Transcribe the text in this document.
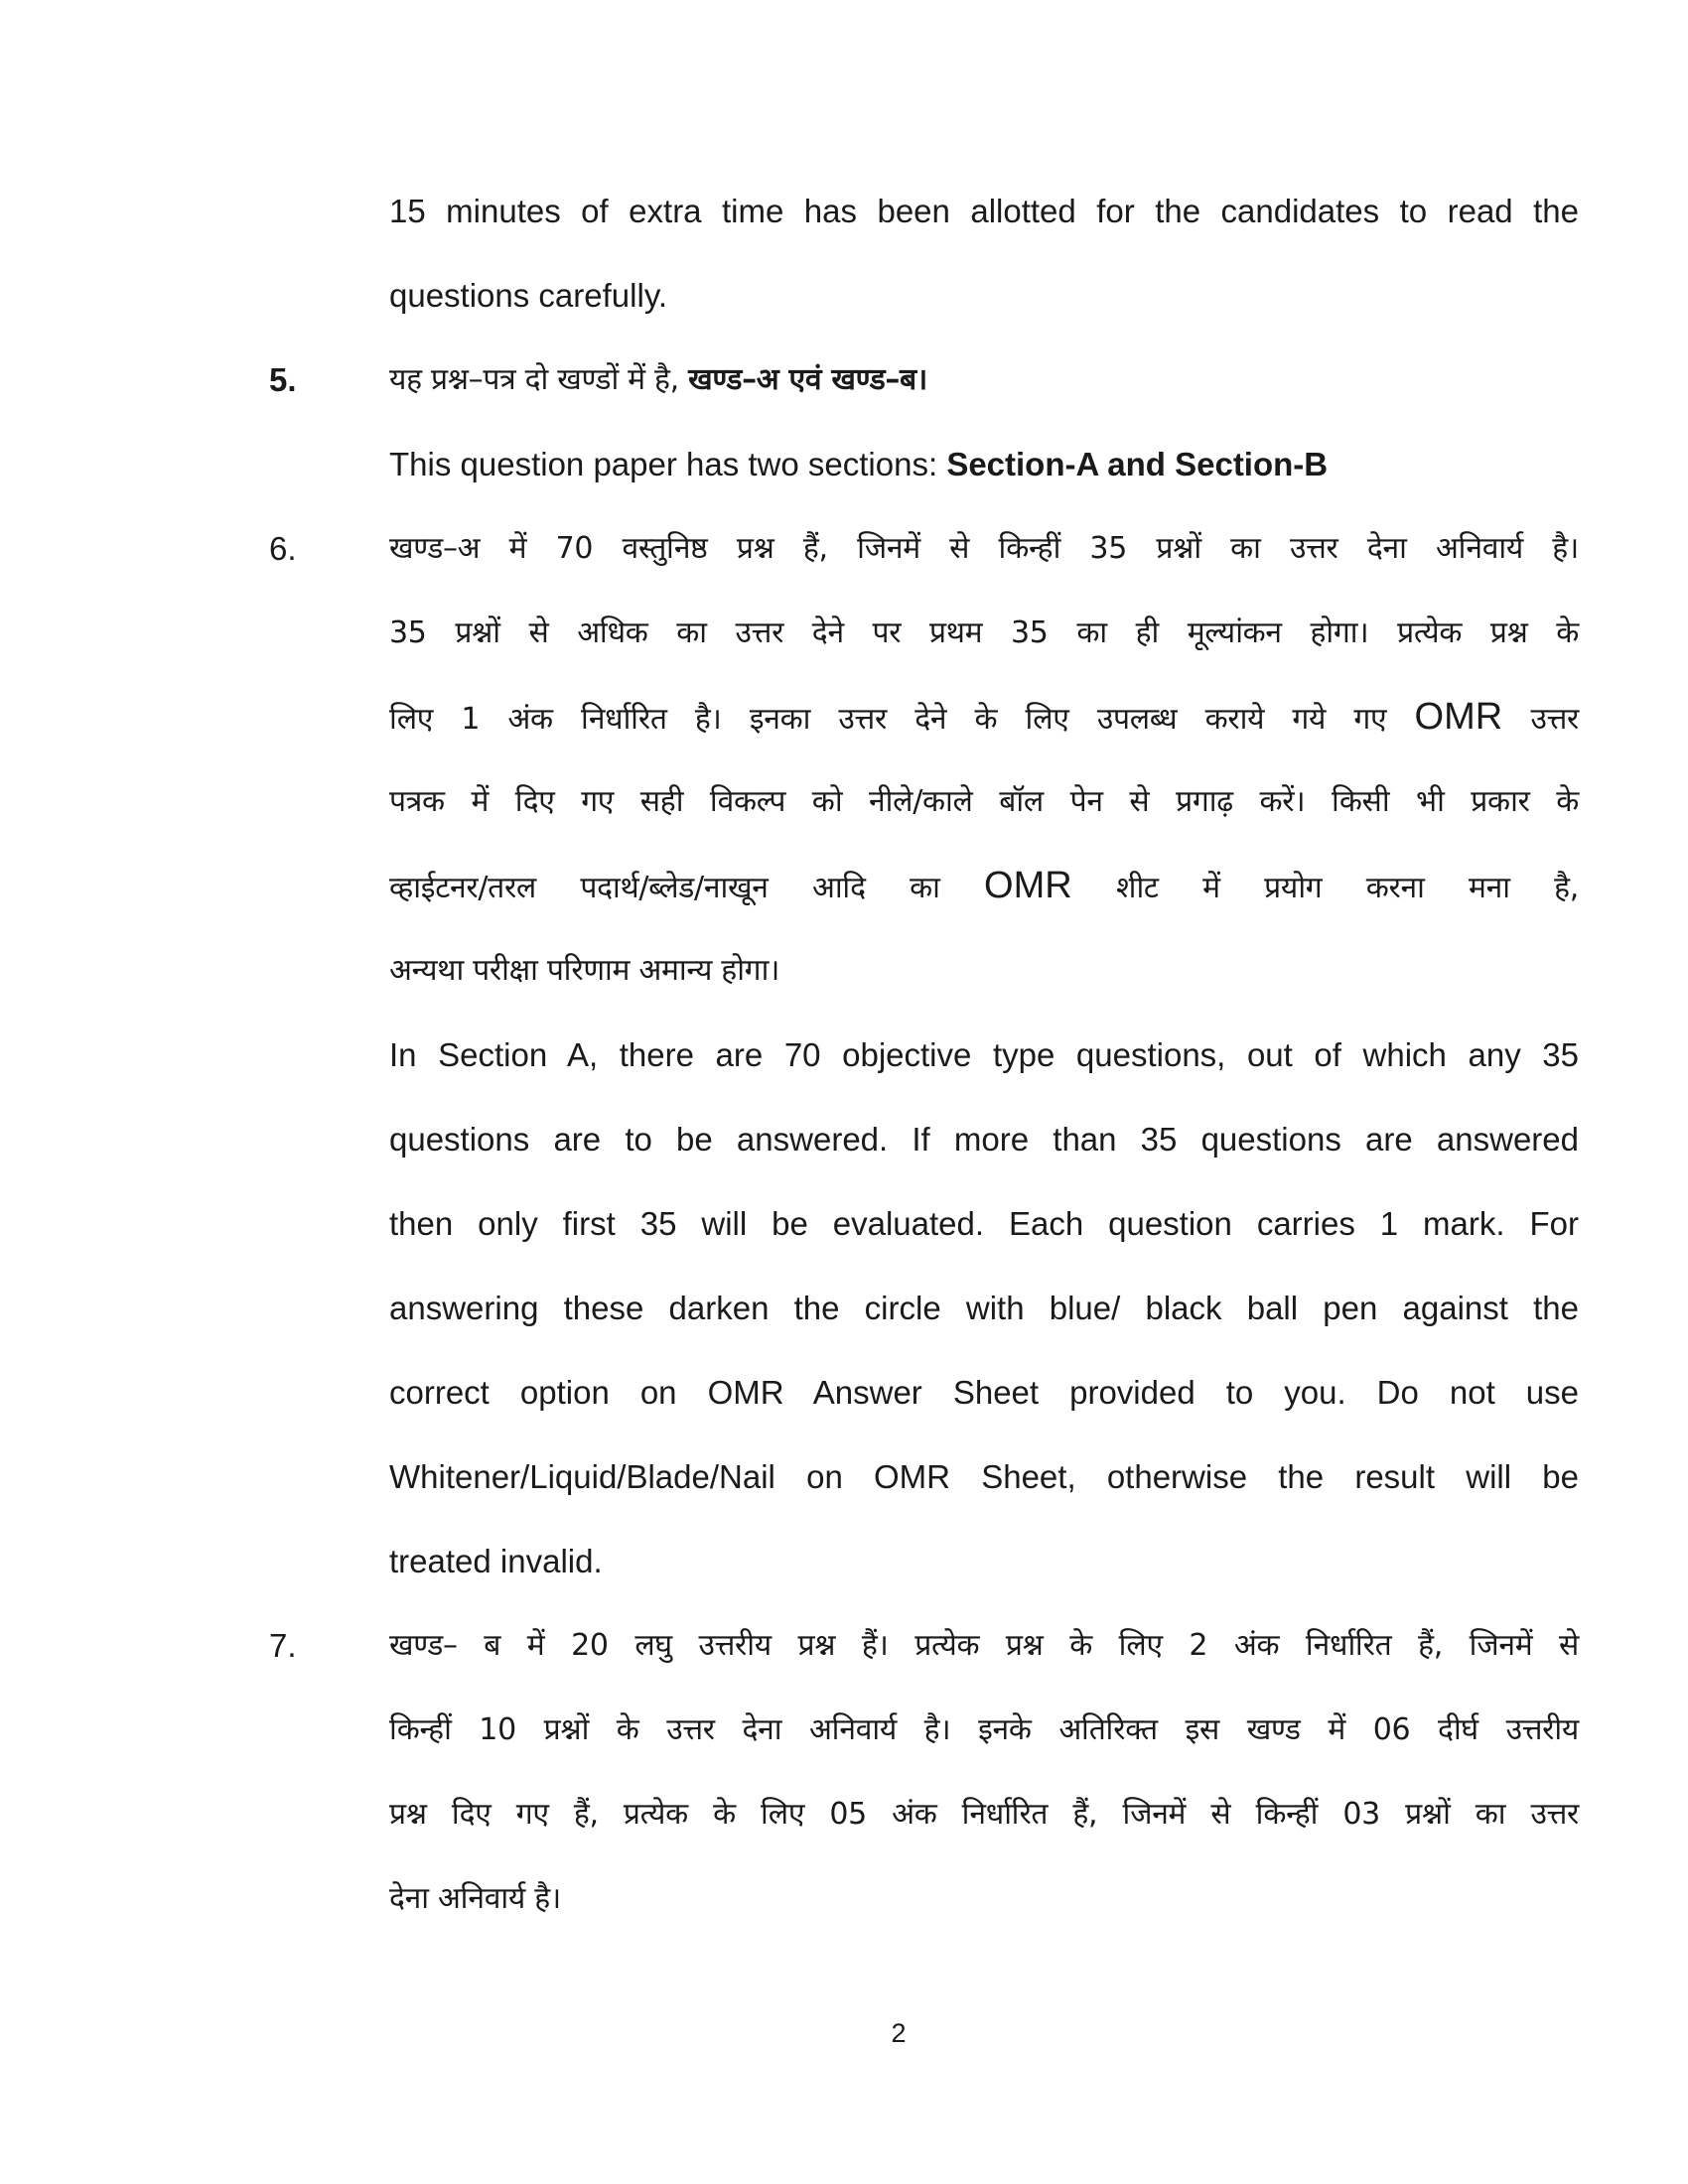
15 minutes of extra time has been allotted for the candidates to read the
questions carefully.
5.	यह प्रश्न–पत्र दो खण्डों में है, खण्ड–अ एवं खण्ड–ब।
This question paper has two sections: Section-A and Section-B
6.	खण्ड–अ में 70 वस्तुनिष्ठ प्रश्न हैं, जिनमें से किन्हीं 35 प्रश्नों का उत्तर देना अनिवार्य है।
35 प्रश्नों से अधिक का उत्तर देने पर प्रथम 35 का ही मूल्यांकन होगा। प्रत्येक प्रश्न के
लिए 1 अंक निर्धारित है। इनका उत्तर देने के लिए उपलब्ध कराये गये गए OMR उत्तर
पत्रक में दिए गए सही विकल्प को नीले/काले बॉल पेन से प्रगाढ़ करें। किसी भी प्रकार के
व्हाईटनर/तरल पदार्थ/ब्लेड/नाखून आदि का OMR शीट में प्रयोग करना मना है,
अन्यथा परीक्षा परिणाम अमान्य होगा।
In Section A, there are 70 objective type questions, out of which any 35
questions are to be answered. If more than 35 questions are answered
then only first 35 will be evaluated. Each question carries 1 mark. For
answering these darken the circle with blue/ black ball pen against the
correct option on OMR Answer Sheet provided to you. Do not use
Whitener/Liquid/Blade/Nail on OMR Sheet, otherwise the result will be
treated invalid.
7.	खण्ड– ब में 20 लघु उत्तरीय प्रश्न हैं। प्रत्येक प्रश्न के लिए 2 अंक निर्धारित हैं, जिनमें से
किन्हीं 10 प्रश्नों के उत्तर देना अनिवार्य है। इनके अतिरिक्त इस खण्ड में 06 दीर्घ उत्तरीय
प्रश्न दिए गए हैं, प्रत्येक के लिए 05 अंक निर्धारित हैं, जिनमें से किन्हीं 03 प्रश्नों का उत्तर
देना अनिवार्य है।
2
